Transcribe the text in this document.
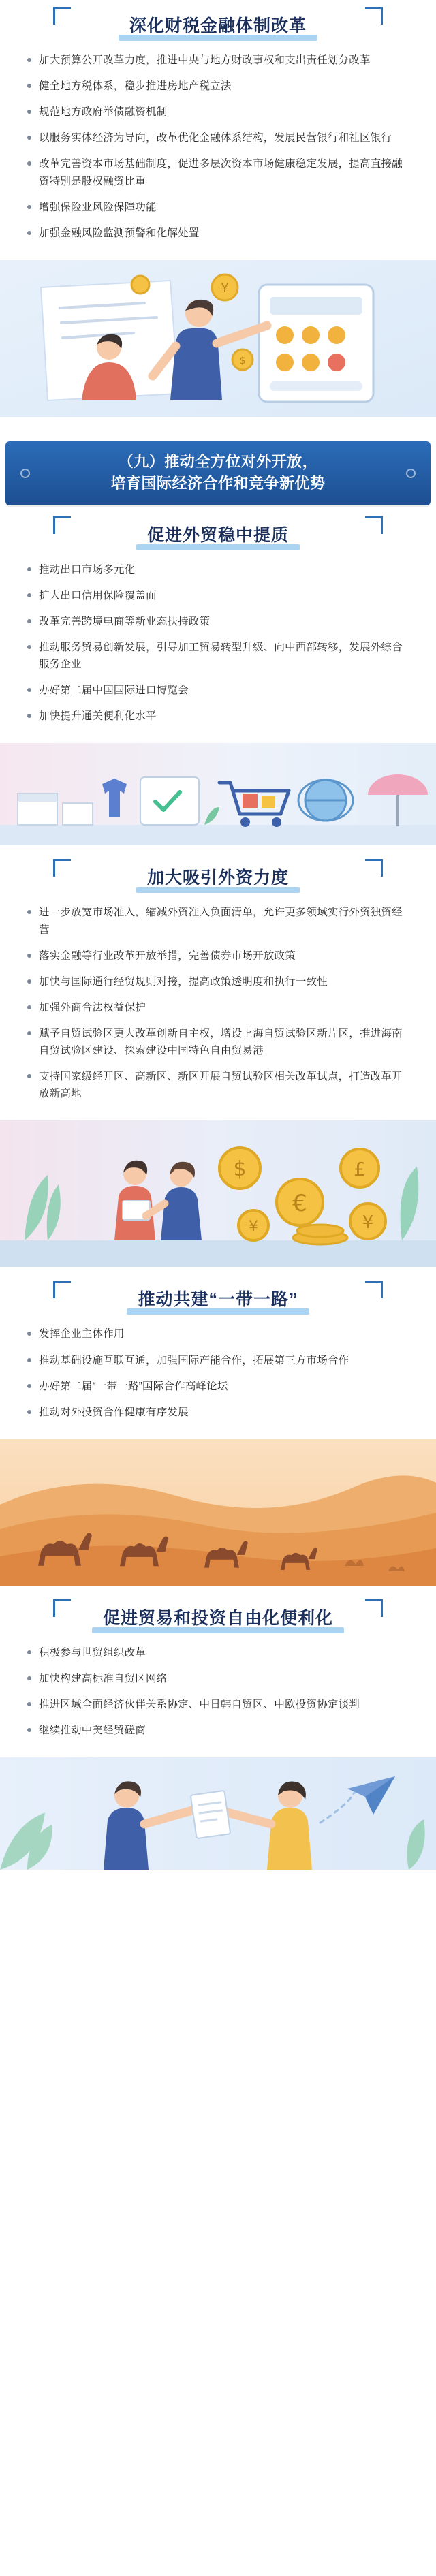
深化财税金融体制改革
加大预算公开改革力度，推进中央与地方财政事权和支出责任划分改革
健全地方税体系，稳步推进房地产税立法
规范地方政府举债融资机制
以服务实体经济为导向，改革优化金融体系结构，发展民营银行和社区银行
改革完善资本市场基础制度，促进多层次资本市场健康稳定发展，提高直接融资特别是股权融资比重
增强保险业风险保障功能
加强金融风险监测预警和化解处置
¥
$
（九）推动全方位对外开放，
培育国际经济合作和竞争新优势
促进外贸稳中提质
推动出口市场多元化
扩大出口信用保险覆盖面
改革完善跨境电商等新业态扶持政策
推动服务贸易创新发展，引导加工贸易转型升级、向中西部转移，发展外综合服务企业
办好第二届中国国际进口博览会
加快提升通关便利化水平
加大吸引外资力度
进一步放宽市场准入，缩减外资准入负面清单，允许更多领域实行外资独资经营
落实金融等行业改革开放举措，完善债券市场开放政策
加快与国际通行经贸规则对接，提高政策透明度和执行一致性
加强外商合法权益保护
赋予自贸试验区更大改革创新自主权，增设上海自贸试验区新片区，推进海南自贸试验区建设、探索建设中国特色自由贸易港
支持国家级经开区、高新区、新区开展自贸试验区相关改革试点，打造改革开放新高地
$
€
£
¥
¥
推动共建“一带一路”
发挥企业主体作用
推动基础设施互联互通，加强国际产能合作，拓展第三方市场合作
办好第二届“一带一路”国际合作高峰论坛
推动对外投资合作健康有序发展
促进贸易和投资自由化便利化
积极参与世贸组织改革
加快构建高标准自贸区网络
推进区域全面经济伙伴关系协定、中日韩自贸区、中欧投资协定谈判
继续推动中美经贸磋商
